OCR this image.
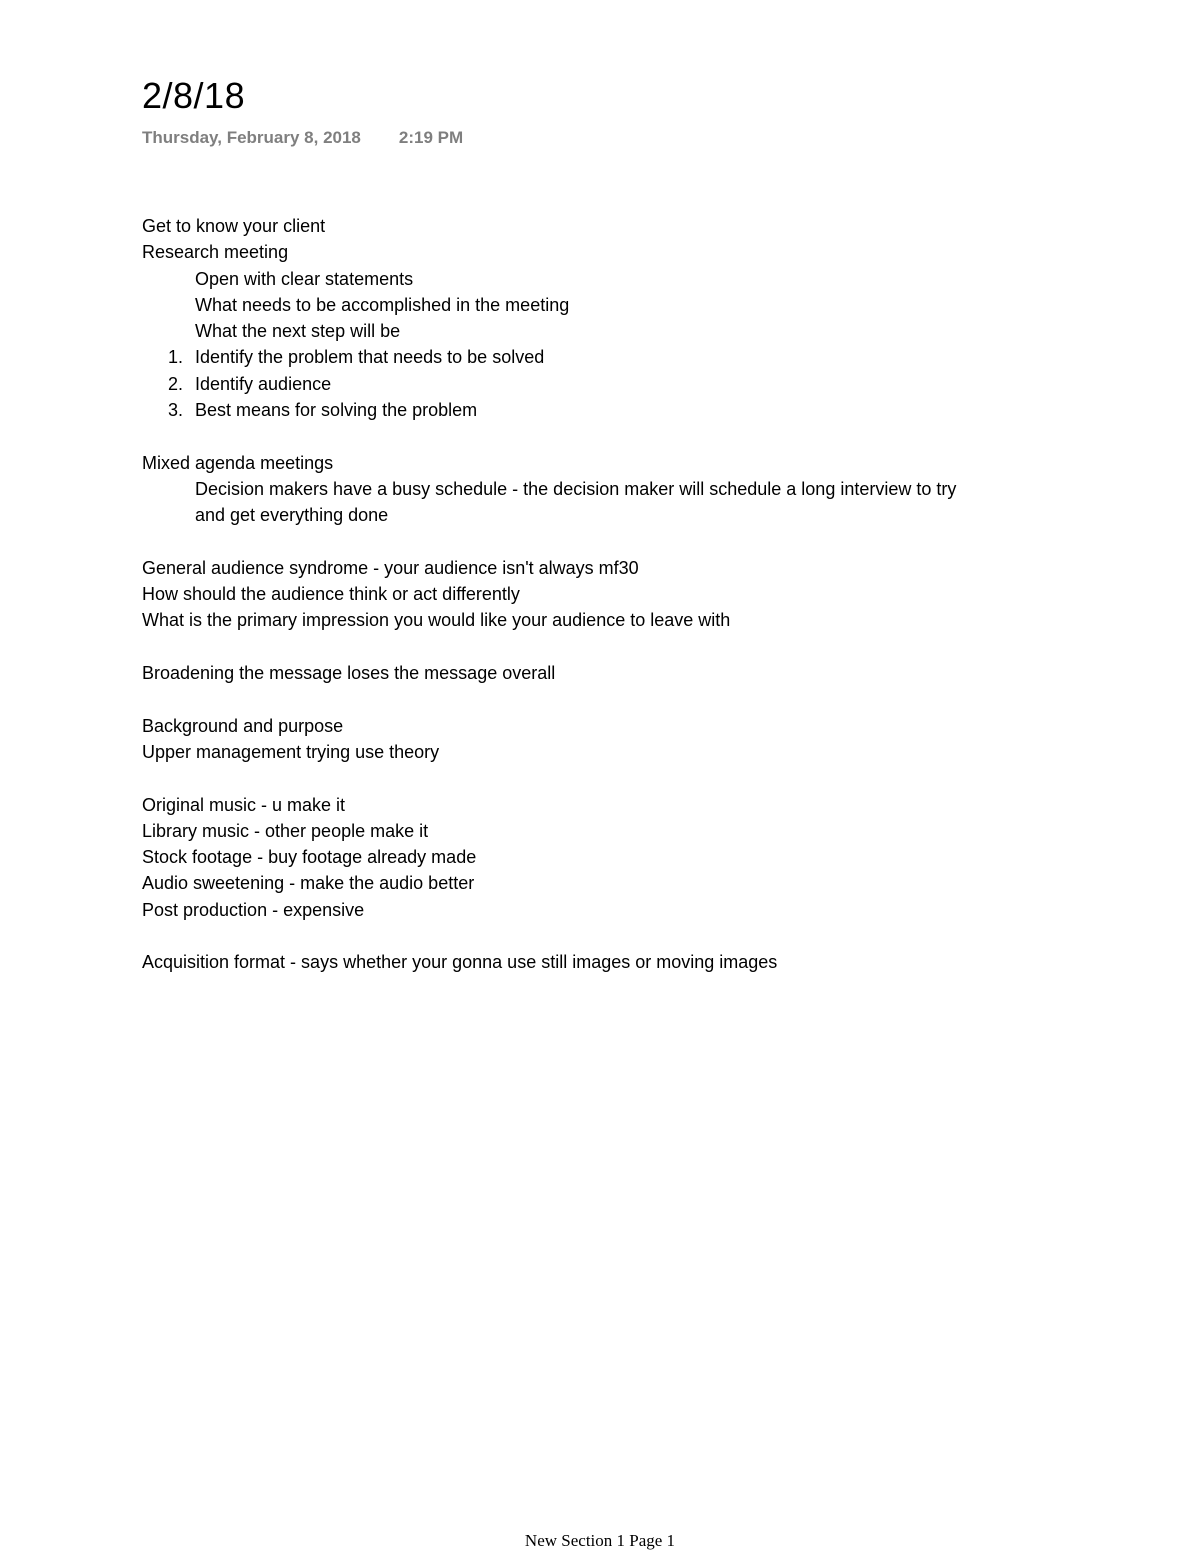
2/8/18
Thursday, February 8, 2018 2:19 PM
Get to know your client
Research meeting
Open with clear statements
What needs to be accomplished in the meeting
What the next step will be
1. Identify the problem that needs to be solved
2. Identify audience
3. Best means for solving the problem
Mixed agenda meetings
Decision makers have a busy schedule - the decision maker will schedule a long interview to try
and get everything done
General audience syndrome - your audience isn't always mf30
How should the audience think or act differently
What is the primary impression you would like your audience to leave with
Broadening the message loses the message overall
Background and purpose
Upper management trying use theory
Original music - u make it
Library music - other people make it
Stock footage - buy footage already made
Audio sweetening - make the audio better
Post production - expensive
Acquisition format - says whether your gonna use still images or moving images
New Section 1 Page 1
